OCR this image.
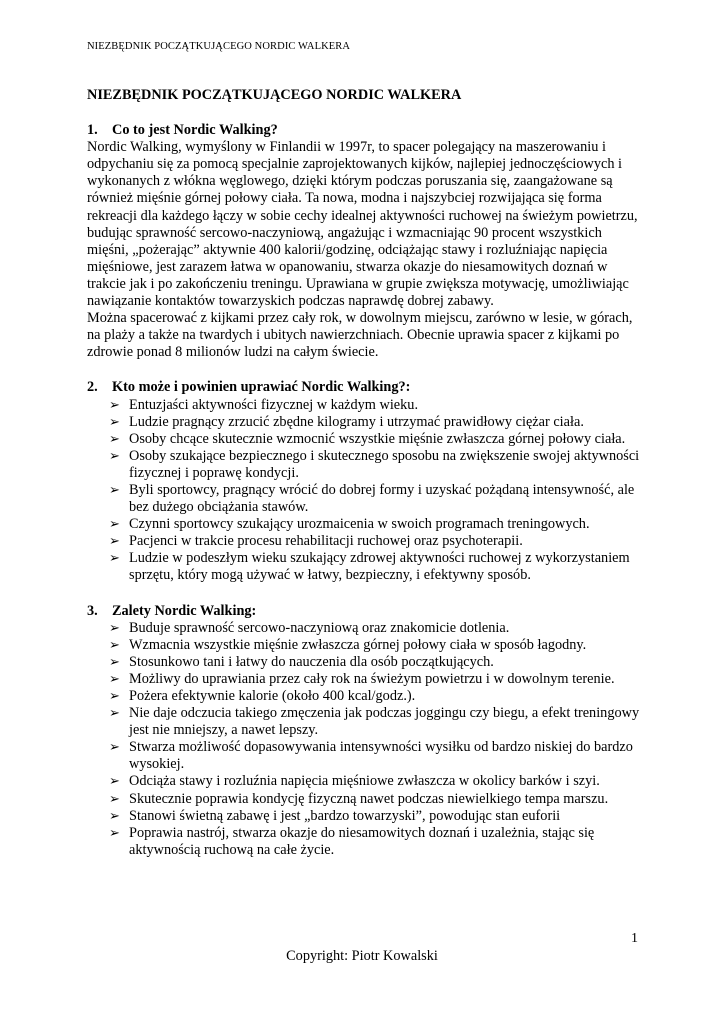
NIEZBĘDNIK POCZĄTKUJĄCEGO NORDIC WALKERA
NIEZBĘDNIK POCZĄTKUJĄCEGO NORDIC WALKERA
1. Co to jest Nordic Walking?

Nordic Walking, wymyślony w Finlandii w 1997r, to spacer polegający na maszerowaniu i odpychaniu się za pomocą specjalnie zaprojektowanych kijków, najlepiej jednoczęściowych i wykonanych z włókna węglowego, dzięki którym podczas poruszania się, zaangażowane są również mięśnie górnej połowy ciała. Ta nowa, modna i najszybciej rozwijająca się forma rekreacji dla każdego łączy w sobie cechy idealnej aktywności ruchowej na świeżym powietrzu, budując sprawność sercowo-naczyniową, angażując i wzmacniając 90 procent wszystkich mięśni, „pożerając” aktywnie 400 kalorii/godzinę, odciążając stawy i rozluźniając napięcia mięśniowe, jest zarazem łatwa w opanowaniu, stwarza okazje do niesamowitych doznań w trakcie jak i po zakończeniu treningu. Uprawiana w grupie zwiększa motywację, umożliwiając nawiązanie kontaktów towarzyskich podczas naprawdę dobrej zabawy.

Można spacerować z kijkami przez cały rok, w dowolnym miejscu, zarówno w lesie, w górach, na plaży a także na twardych i ubitych nawierzchniach. Obecnie uprawia spacer z kijkami po zdrowie ponad 8 milionów ludzi na całym świecie.

2. Kto może i powinien uprawiać Nordic Walking?:
➢ Entuzjaści aktywności fizycznej w każdym wieku.
➢ Ludzie pragnący zrzucić zbędne kilogramy i utrzymać prawidłowy ciężar ciała.
➢ Osoby chcące skutecznie wzmocnić wszystkie mięśnie zwłaszcza górnej połowy ciała.
➢ Osoby szukające bezpiecznego i skutecznego sposobu na zwiększenie swojej aktywności fizycznej i poprawę kondycji.
➢ Byli sportowcy, pragnący wrócić do dobrej formy i uzyskać pożądaną intensywność, ale bez dużego obciążania stawów.
➢ Czynni sportowcy szukający urozmaicenia w swoich programach treningowych.
➢ Pacjenci w trakcie procesu rehabilitacji ruchowej oraz psychoterapii.
➢ Ludzie w podeszłym wieku szukający zdrowej aktywności ruchowej z wykorzystaniem sprzętu, który mogą używać w łatwy, bezpieczny, i efektywny sposób.
3. Zalety Nordic Walking:
➢ Buduje sprawność sercowo-naczyniową oraz znakomicie dotlenia.
➢ Wzmacnia wszystkie mięśnie zwłaszcza górnej połowy ciała w sposób łagodny.
➢ Stosunkowo tani i łatwy do nauczenia dla osób początkujących.
➢ Możliwy do uprawiania przez cały rok na świeżym powietrzu i w dowolnym terenie.
➢ Pożera efektywnie kalorie (około 400 kcal/godz.).
➢ Nie daje odczucia takiego zmęczenia jak podczas joggingu czy biegu, a efekt treningowy jest nie mniejszy, a nawet lepszy.
➢ Stwarza możliwość dopasowywania intensywności wysiłku od bardzo niskiej do bardzo wysokiej.
➢ Odciąża stawy i rozluźnia napięcia mięśniowe zwłaszcza w okolicy barków i szyi.
➢ Skutecznie poprawia kondycję fizyczną nawet podczas niewielkiego tempa marszu.
➢ Stanowi świetną zabawę i jest „bardzo towarzyski”, powodując stan euforii
➢ Poprawia nastrój, stwarza okazje do niesamowitych doznań i uzależnia, stając się aktywnością ruchową na całe życie.
1
Copyright: Piotr Kowalski
